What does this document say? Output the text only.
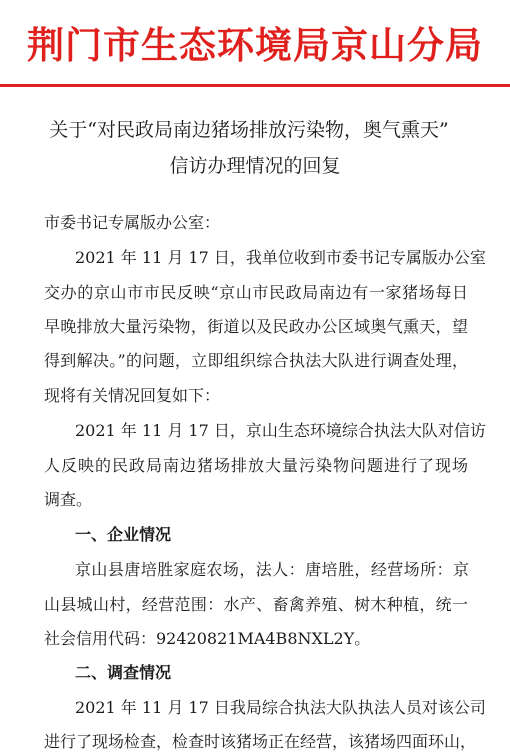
荆门市生态环境局京山分局
关于“对民政局南边猪场排放污染物，奥气熏天”
信访办理情况的回复
市委书记专属版办公室：
2021 年 11 月 17 日，我单位收到市委书记专属版办公室
交办的京山市市民反映“京山市民政局南边有一家猪场每日
早晚排放大量污染物，街道以及民政办公区域奥气熏天，望
得到解决。”的问题，立即组织综合执法大队进行调查处理，
现将有关情况回复如下：
2021 年 11 月 17 日，京山生态环境综合执法大队对信访
人反映的民政局南边猪场排放大量污染物问题进行了现场
调查。
一、企业情况
京山县唐培胜家庭农场，法人：唐培胜，经营场所：京
山县城山村，经营范围：水产、畜禽养殖、树木种植，统一
社会信用代码：92420821MA4B8NXL2Y。
二、调查情况
2021 年 11 月 17 日我局综合执法大队执法人员对该公司
进行了现场检查，检查时该猪场正在经营，该猪场四面环山，
